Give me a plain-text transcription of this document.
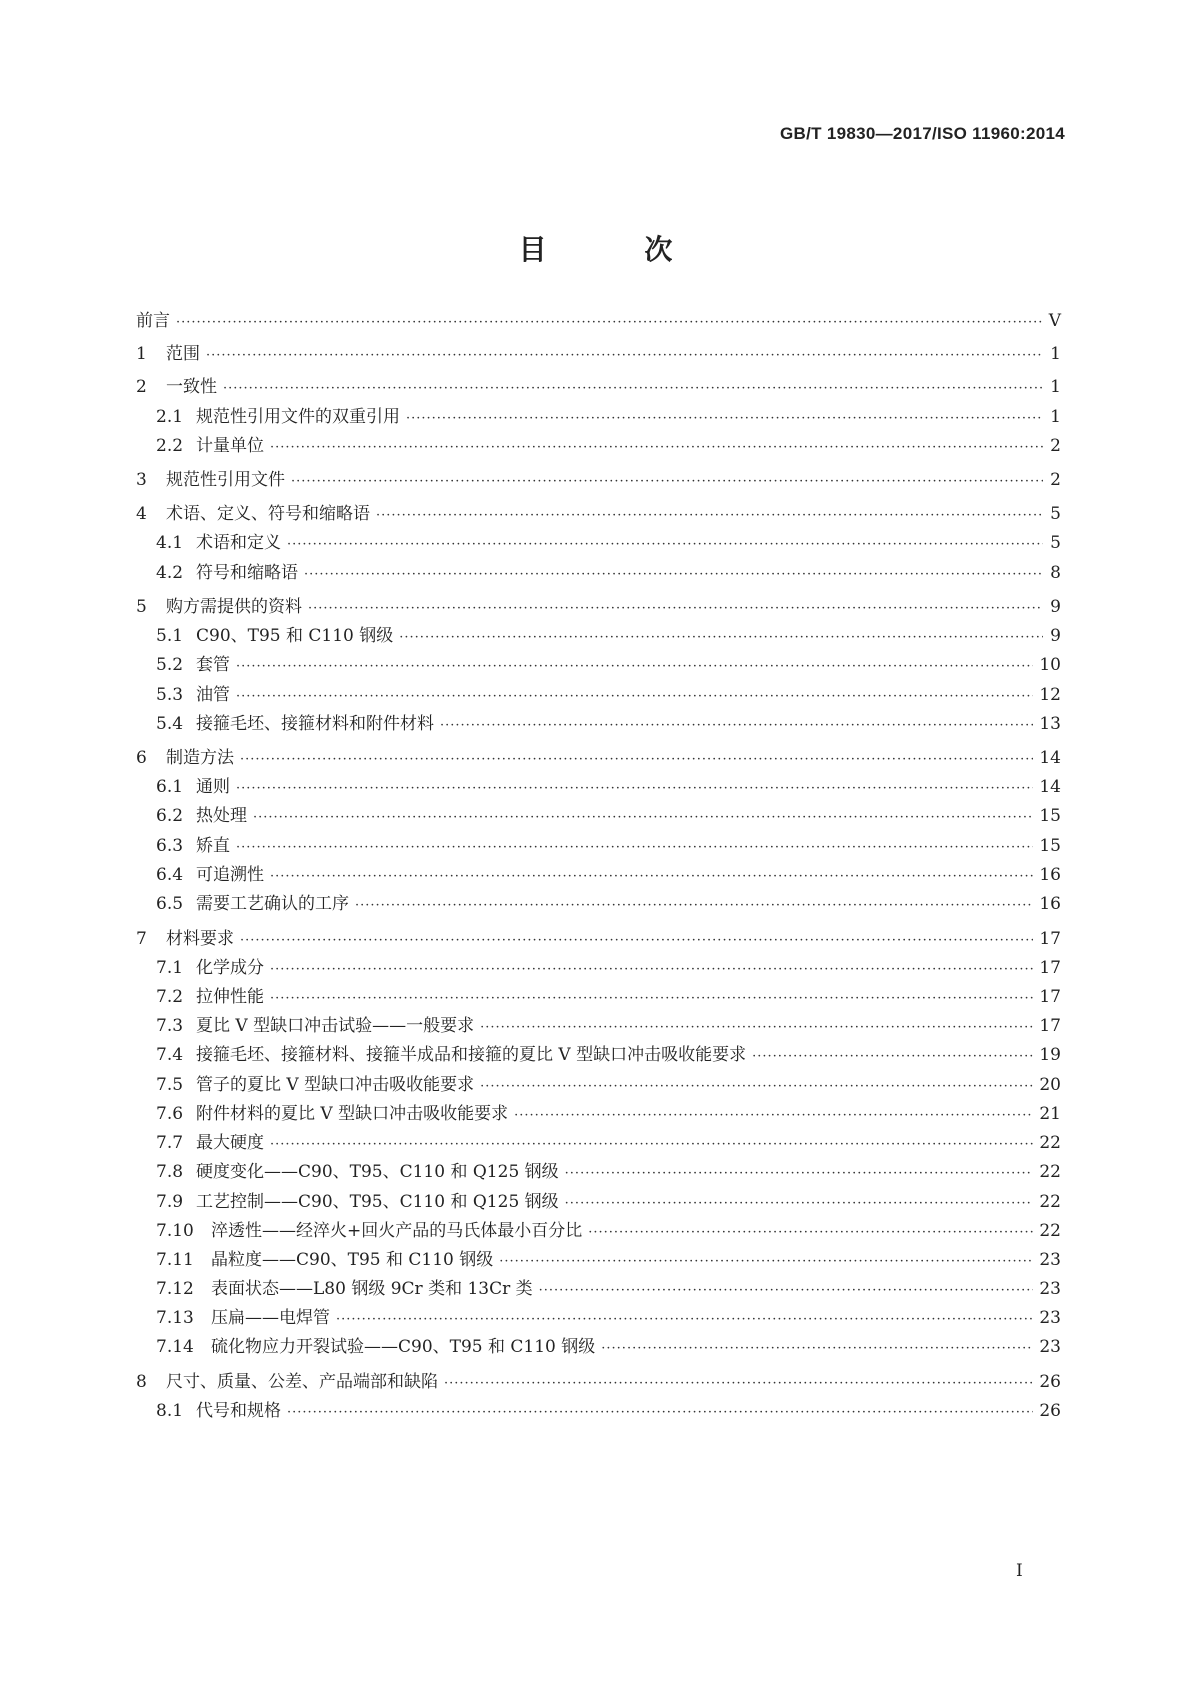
GB/T 19830—2017/ISO 11960:2014
目 次
前言 ·····	V
1	范围 ·····	1
2	一致性 ·····	1
2.1 规范性引用文件的双重引用 ·····	1
2.2 计量单位 ·····	2
3	规范性引用文件 ·····	2
4	术语、定义、符号和缩略语 ·····	5
4.1 术语和定义 ·····	5
4.2 符号和缩略语 ·····	8
5	购方需提供的资料 ·····	9
5.1 C90、T95 和 C110 钢级 ·····	9
5.2 套管 ·····	10
5.3 油管 ·····	12
5.4 接箍毛坯、接箍材料和附件材料 ·····	13
6	制造方法 ·····	14
6.1 通则 ·····	14
6.2 热处理 ·····	15
6.3 矫直 ·····	15
6.4 可追溯性 ·····	16
6.5 需要工艺确认的工序 ·····	16
7	材料要求 ·····	17
7.1 化学成分 ·····	17
7.2 拉伸性能 ·····	17
7.3 夏比 V 型缺口冲击试验——一般要求 ·····	17
7.4 接箍毛坯、接箍材料、接箍半成品和接箍的夏比 V 型缺口冲击吸收能要求 ·····	19
7.5 管子的夏比 V 型缺口冲击吸收能要求 ·····	20
7.6 附件材料的夏比 V 型缺口冲击吸收能要求 ·····	21
7.7 最大硬度 ·····	22
7.8 硬度变化——C90、T95、C110 和 Q125 钢级 ·····	22
7.9 工艺控制——C90、T95、C110 和 Q125 钢级 ·····	22
7.10	淬透性——经淬火+回火产品的马氏体最小百分比 ·····	22
7.11	晶粒度——C90、T95 和 C110 钢级 ·····	23
7.12	表面状态——L80 钢级 9Cr 类和 13Cr 类 ·····	23
7.13	压扁——电焊管 ·····	23
7.14	硫化物应力开裂试验——C90、T95 和 C110 钢级 ·····	23
8	尺寸、质量、公差、产品端部和缺陷 ·····	26
8.1 代号和规格 ·····	26
I
